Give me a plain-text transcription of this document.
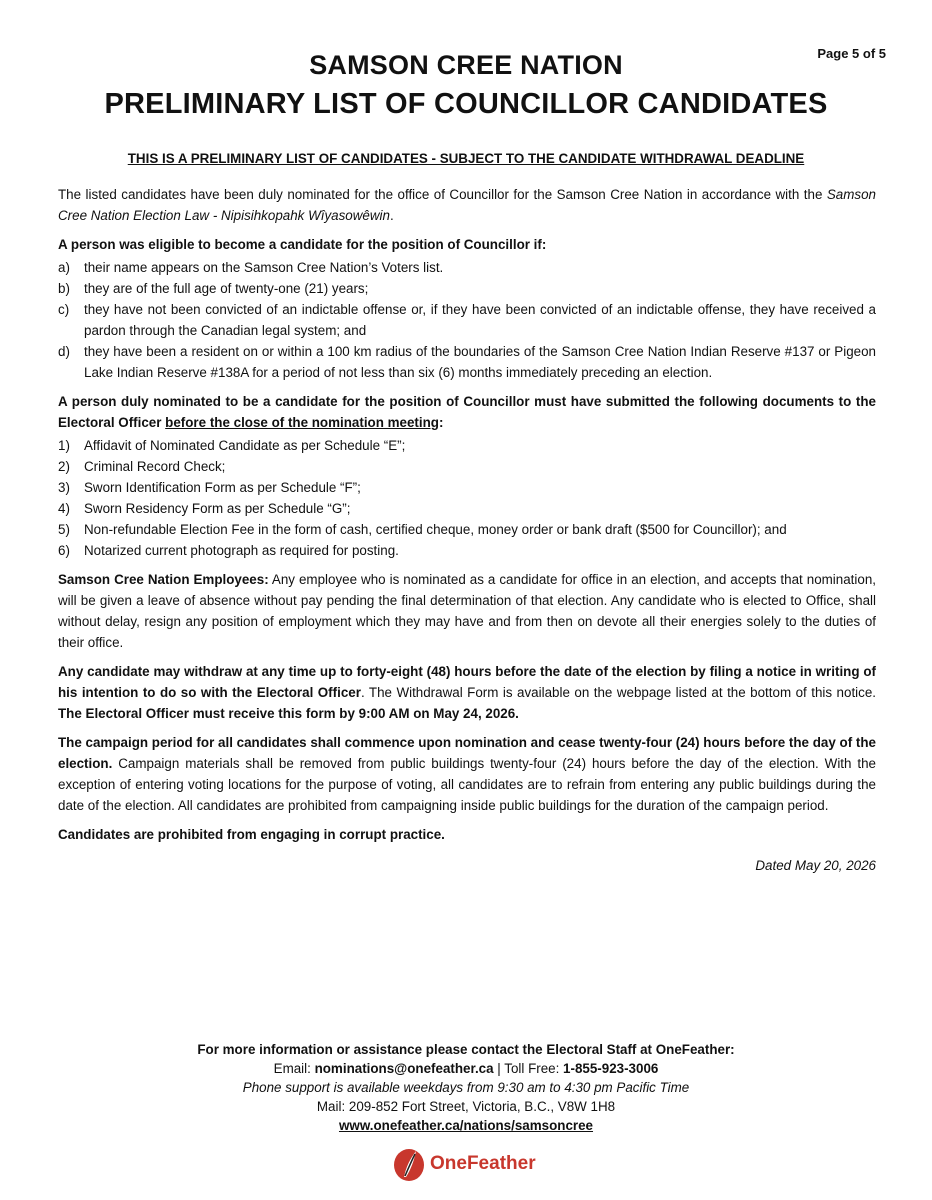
Page 5 of 5
SAMSON CREE NATION
PRELIMINARY LIST OF COUNCILLOR CANDIDATES
THIS IS A PRELIMINARY LIST OF CANDIDATES - SUBJECT TO THE CANDIDATE WITHDRAWAL DEADLINE

The listed candidates have been duly nominated for the office of Councillor for the Samson Cree Nation in accordance with the Samson Cree Nation Election Law - Nipisihkopahk Wîyasowêwin.

A person was eligible to become a candidate for the position of Councillor if:

a)	their name appears on the Samson Cree Nation’s Voters list.
b)	they are of the full age of twenty-one (21) years;
c)	they have not been convicted of an indictable offense or, if they have been convicted of an indictable offense, they have received a pardon through the Canadian legal system; and
d)	they have been a resident on or within a 100 km radius of the boundaries of the Samson Cree Nation Indian Reserve #137 or Pigeon Lake Indian Reserve #138A for a period of not less than six (6) months immediately preceding an election.

A person duly nominated to be a candidate for the position of Councillor must have submitted the following documents to the Electoral Officer before the close of the nomination meeting:

1)	Affidavit of Nominated Candidate as per Schedule “E”;
2)	Criminal Record Check;
3)	Sworn Identification Form as per Schedule “F”;
4)	Sworn Residency Form as per Schedule “G”;
5)	Non-refundable Election Fee in the form of cash, certified cheque, money order or bank draft ($500 for Councillor); and
6)	Notarized current photograph as required for posting.

Samson Cree Nation Employees: Any employee who is nominated as a candidate for office in an election, and accepts that nomination, will be given a leave of absence without pay pending the final determination of that election. Any candidate who is elected to Office, shall without delay, resign any position of employment which they may have and from then on devote all their energies solely to the duties of their office.

Any candidate may withdraw at any time up to forty-eight (48) hours before the date of the election by filing a notice in writing of his intention to do so with the Electoral Officer. The Withdrawal Form is available on the webpage listed at the bottom of this notice. The Electoral Officer must receive this form by 9:00 AM on May 24, 2026.

The campaign period for all candidates shall commence upon nomination and cease twenty-four (24) hours before the day of the election. Campaign materials shall be removed from public buildings twenty-four (24) hours before the day of the election. With the exception of entering voting locations for the purpose of voting, all candidates are to refrain from entering any public buildings during the date of the election. All candidates are prohibited from campaigning inside public buildings for the duration of the campaign period.

Candidates are prohibited from engaging in corrupt practice.

Dated May 20, 2026

For more information or assistance please contact the Electoral Staff at OneFeather:
Email: nominations@onefeather.ca | Toll Free: 1-855-923-3006
Phone support is available weekdays from 9:30 am to 4:30 pm Pacific Time
Mail: 209-852 Fort Street, Victoria, B.C., V8W 1H8
www.onefeather.ca/nations/samsoncree
OneFeather
